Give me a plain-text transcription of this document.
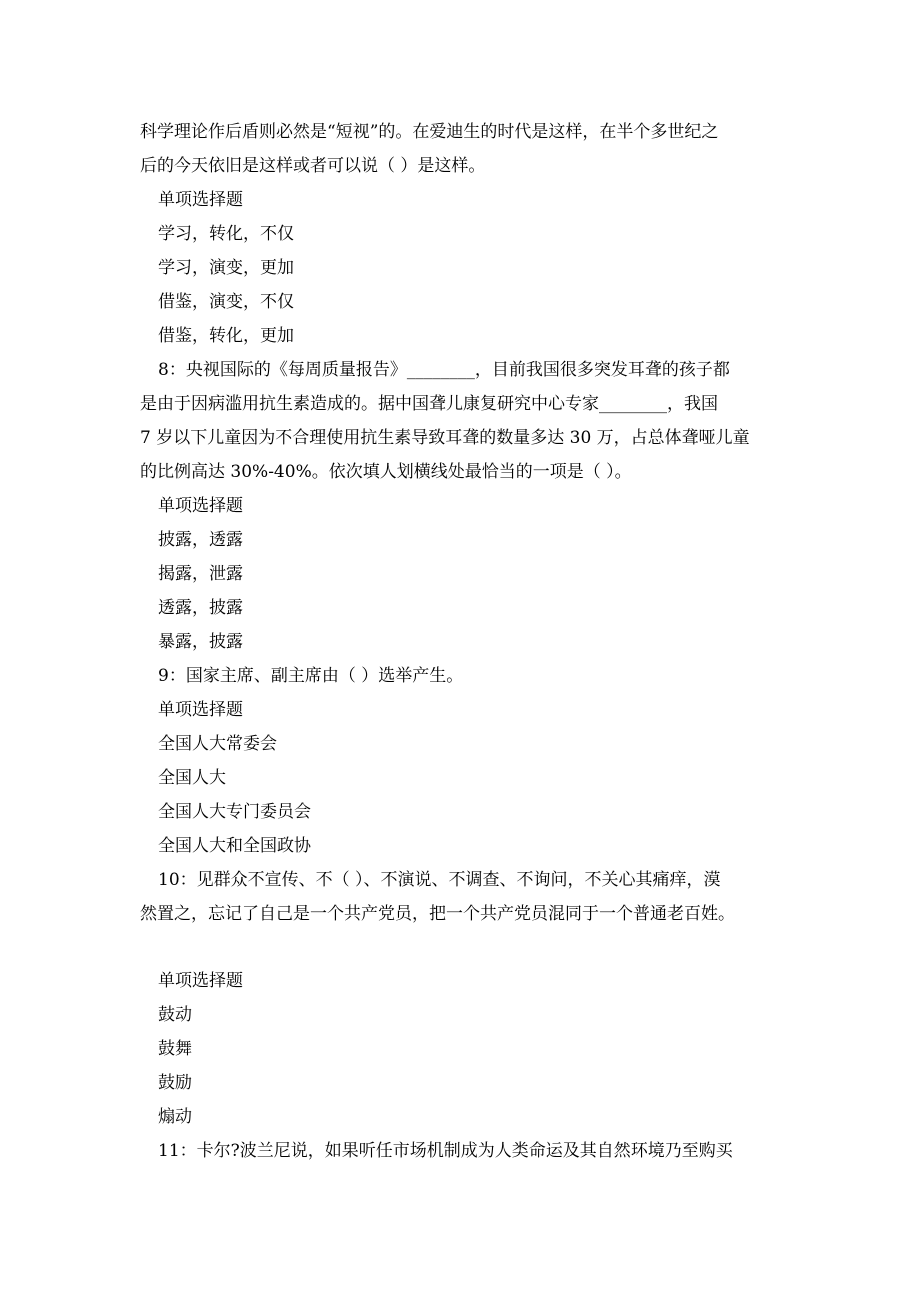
科学理论作后盾则必然是“短视”的。在爱迪生的时代是这样，在半个多世纪之
后的今天依旧是这样或者可以说（ ）是这样。
单项选择题
学习，转化，不仅
学习，演变，更加
借鉴，演变，不仅
借鉴，转化，更加
8：央视国际的《每周质量报告》________，目前我国很多突发耳聋的孩子都
是由于因病滥用抗生素造成的。据中国聋儿康复研究中心专家________，我国
7 岁以下儿童因为不合理使用抗生素导致耳聋的数量多达 30 万，占总体聋哑儿童
的比例高达 30%-40%。依次填人划横线处最恰当的一项是（ ）。
单项选择题
披露，透露
揭露，泄露
透露，披露
暴露，披露
9：国家主席、副主席由（ ）选举产生。
单项选择题
全国人大常委会
全国人大
全国人大专门委员会
全国人大和全国政协
10：见群众不宣传、不（ ）、不演说、不调查、不询问，不关心其痛痒，漠
然置之，忘记了自己是一个共产党员，把一个共产党员混同于一个普通老百姓。
单项选择题
鼓动
鼓舞
鼓励
煽动
11：卡尔?波兰尼说，如果听任市场机制成为人类命运及其自然环境乃至购买
